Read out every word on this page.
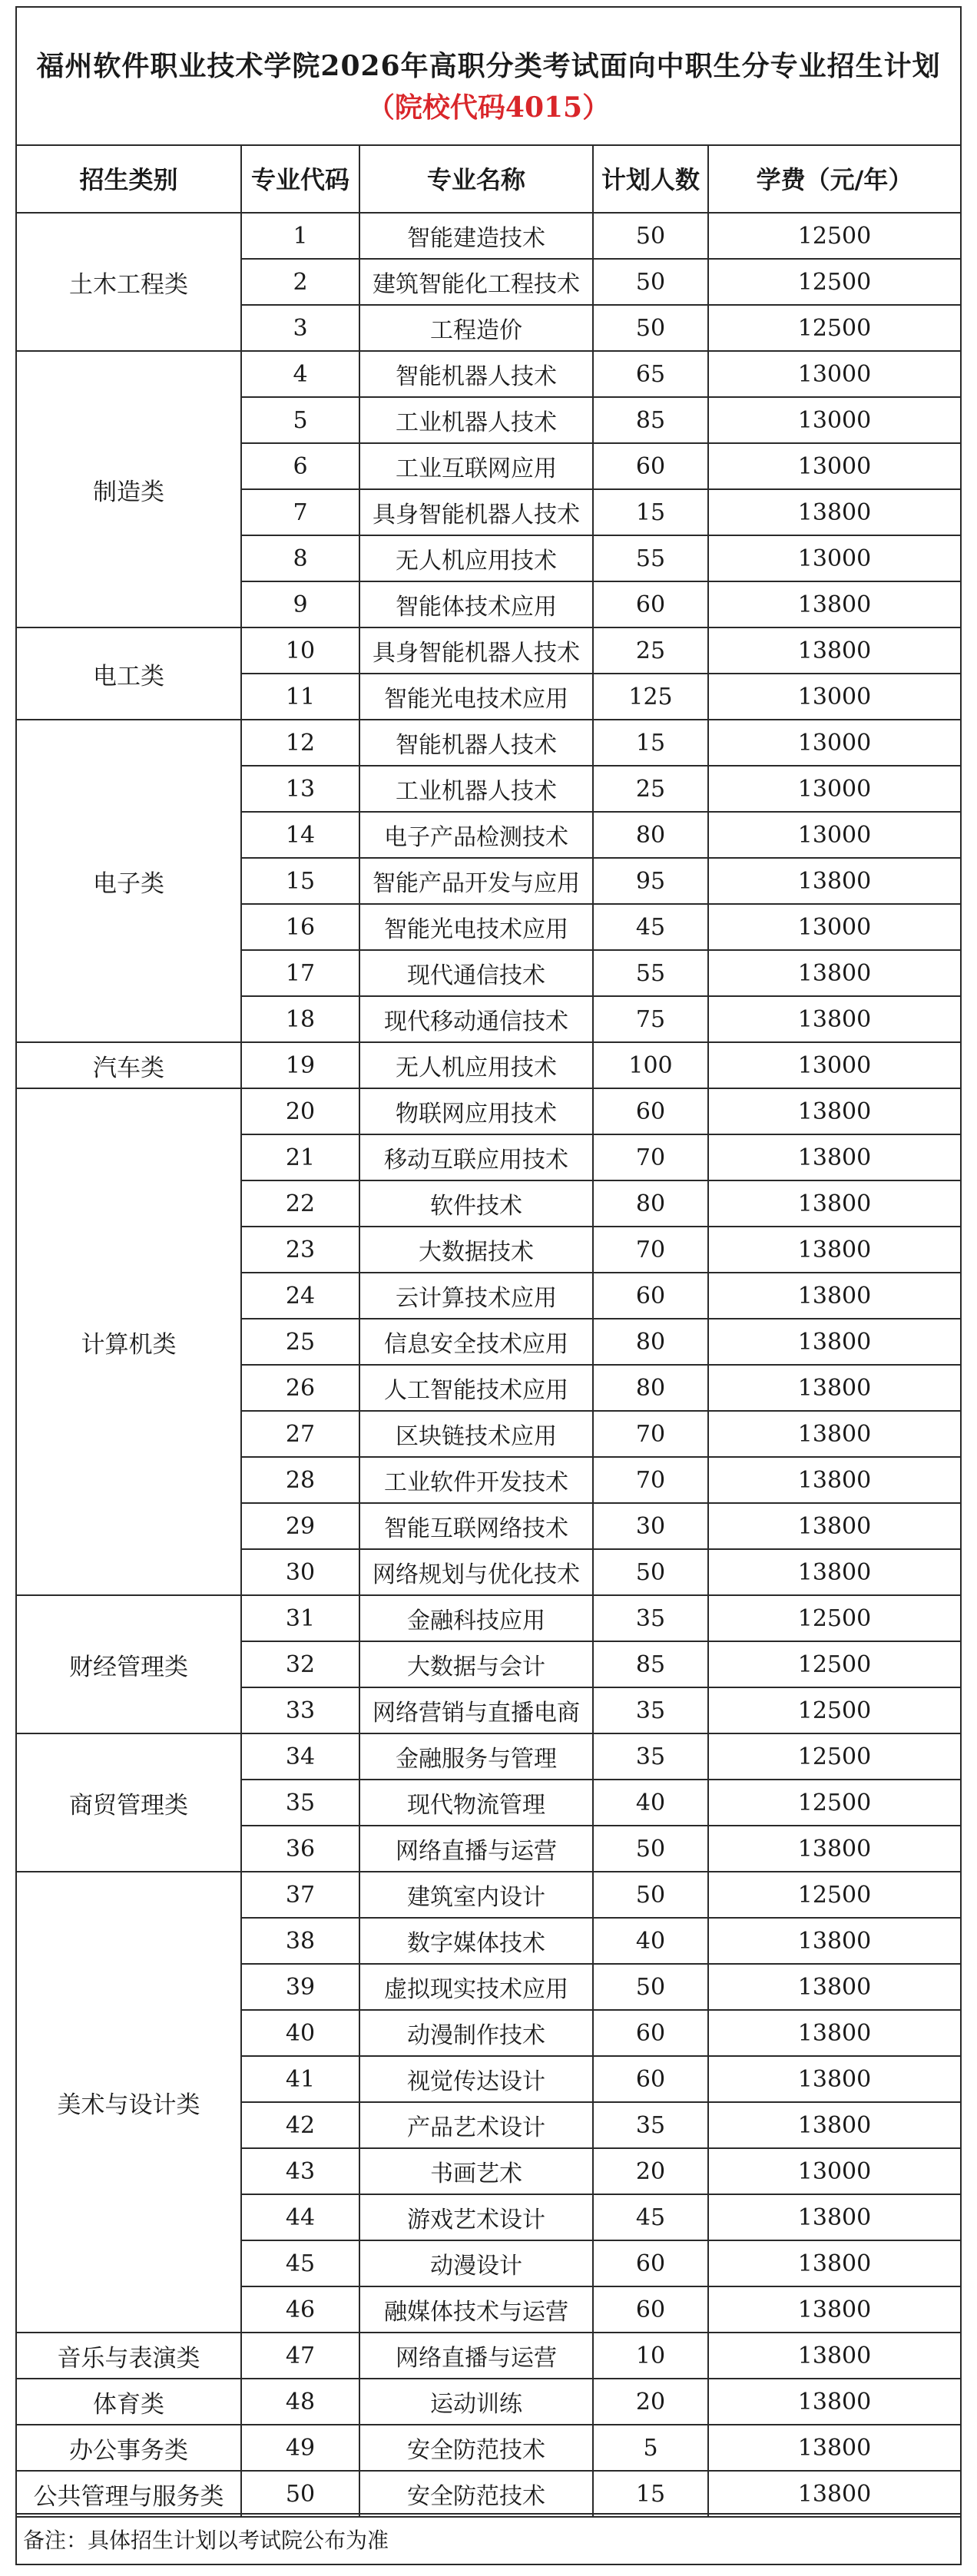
福州软件职业技术学院2026年高职分类考试面向中职生分专业招生计划
（院校代码4015）
招生类别	专业代码	专业名称	计划人数	学费（元/年）
土木工程类	1	智能建造技术	50	12500
	2	建筑智能化工程技术	50	12500
	3	工程造价	50	12500
制造类	4	智能机器人技术	65	13000
	5	工业机器人技术	85	13000
	6	工业互联网应用	60	13000
	7	具身智能机器人技术	15	13800
	8	无人机应用技术	55	13000
	9	智能体技术应用	60	13800
电工类	10	具身智能机器人技术	25	13800
	11	智能光电技术应用	125	13000
电子类	12	智能机器人技术	15	13000
	13	工业机器人技术	25	13000
	14	电子产品检测技术	80	13000
	15	智能产品开发与应用	95	13800
	16	智能光电技术应用	45	13000
	17	现代通信技术	55	13800
	18	现代移动通信技术	75	13800
汽车类	19	无人机应用技术	100	13000
计算机类	20	物联网应用技术	60	13800
	21	移动互联应用技术	70	13800
	22	软件技术	80	13800
	23	大数据技术	70	13800
	24	云计算技术应用	60	13800
	25	信息安全技术应用	80	13800
	26	人工智能技术应用	80	13800
	27	区块链技术应用	70	13800
	28	工业软件开发技术	70	13800
	29	智能互联网络技术	30	13800
	30	网络规划与优化技术	50	13800
财经管理类	31	金融科技应用	35	12500
	32	大数据与会计	85	12500
	33	网络营销与直播电商	35	12500
商贸管理类	34	金融服务与管理	35	12500
	35	现代物流管理	40	12500
	36	网络直播与运营	50	13800
美术与设计类	37	建筑室内设计	50	12500
	38	数字媒体技术	40	13800
	39	虚拟现实技术应用	50	13800
	40	动漫制作技术	60	13800
	41	视觉传达设计	60	13800
	42	产品艺术设计	35	13800
	43	书画艺术	20	13000
	44	游戏艺术设计	45	13800
	45	动漫设计	60	13800
	46	融媒体技术与运营	60	13800
音乐与表演类	47	网络直播与运营	10	13800
体育类	48	运动训练	20	13800
办公事务类	49	安全防范技术	5	13800
公共管理与服务类	50	安全防范技术	15	13800
备注：具体招生计划以考试院公布为准
